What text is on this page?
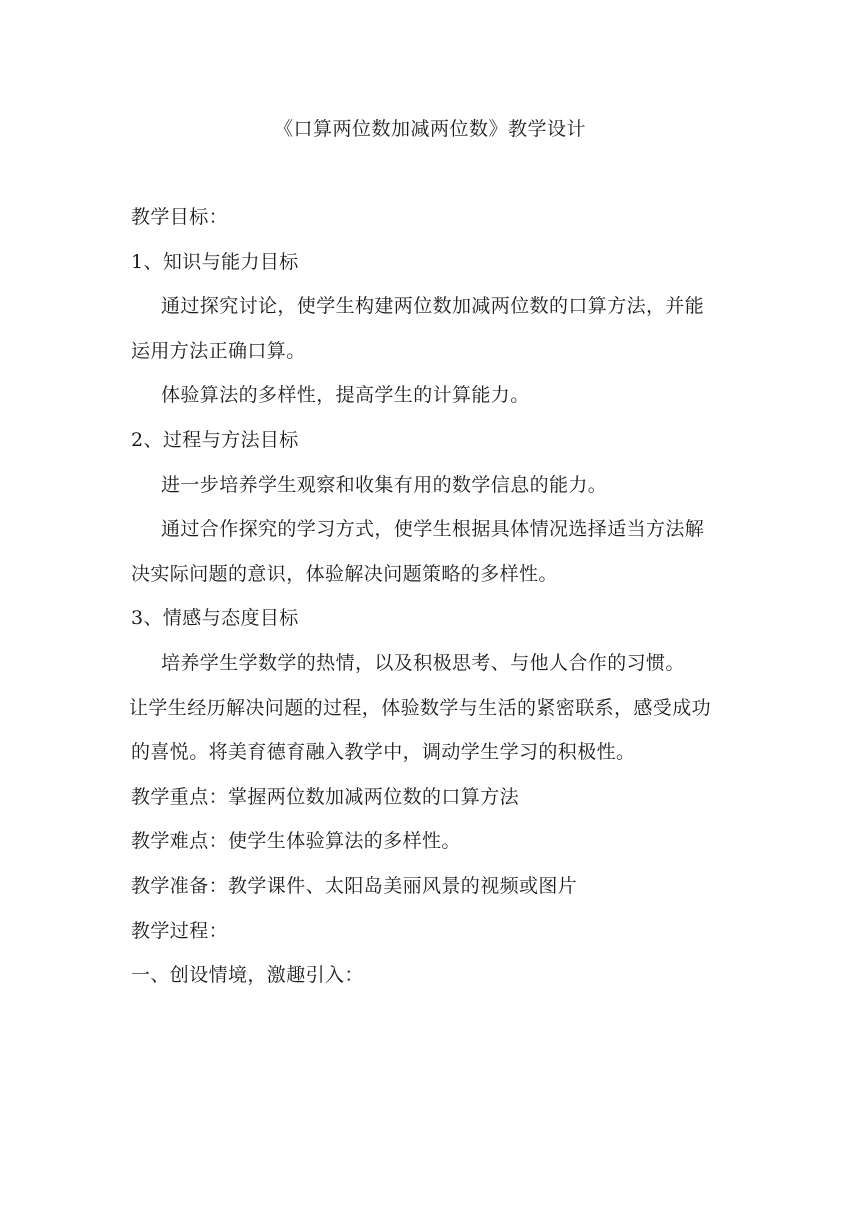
《口算两位数加减两位数》教学设计
教学目标：
1、知识与能力目标
通过探究讨论，使学生构建两位数加减两位数的口算方法，并能
运用方法正确口算。
体验算法的多样性，提高学生的计算能力。
2、过程与方法目标
进一步培养学生观察和收集有用的数学信息的能力。
通过合作探究的学习方式，使学生根据具体情况选择适当方法解
决实际问题的意识，体验解决问题策略的多样性。
3、情感与态度目标
培养学生学数学的热情，以及积极思考、与他人合作的习惯。
让学生经历解决问题的过程，体验数学与生活的紧密联系，感受成功
的喜悦。将美育德育融入教学中，调动学生学习的积极性。
教学重点：掌握两位数加减两位数的口算方法
教学难点：使学生体验算法的多样性。
教学准备：教学课件、太阳岛美丽风景的视频或图片
教学过程：
一、创设情境，激趣引入：
